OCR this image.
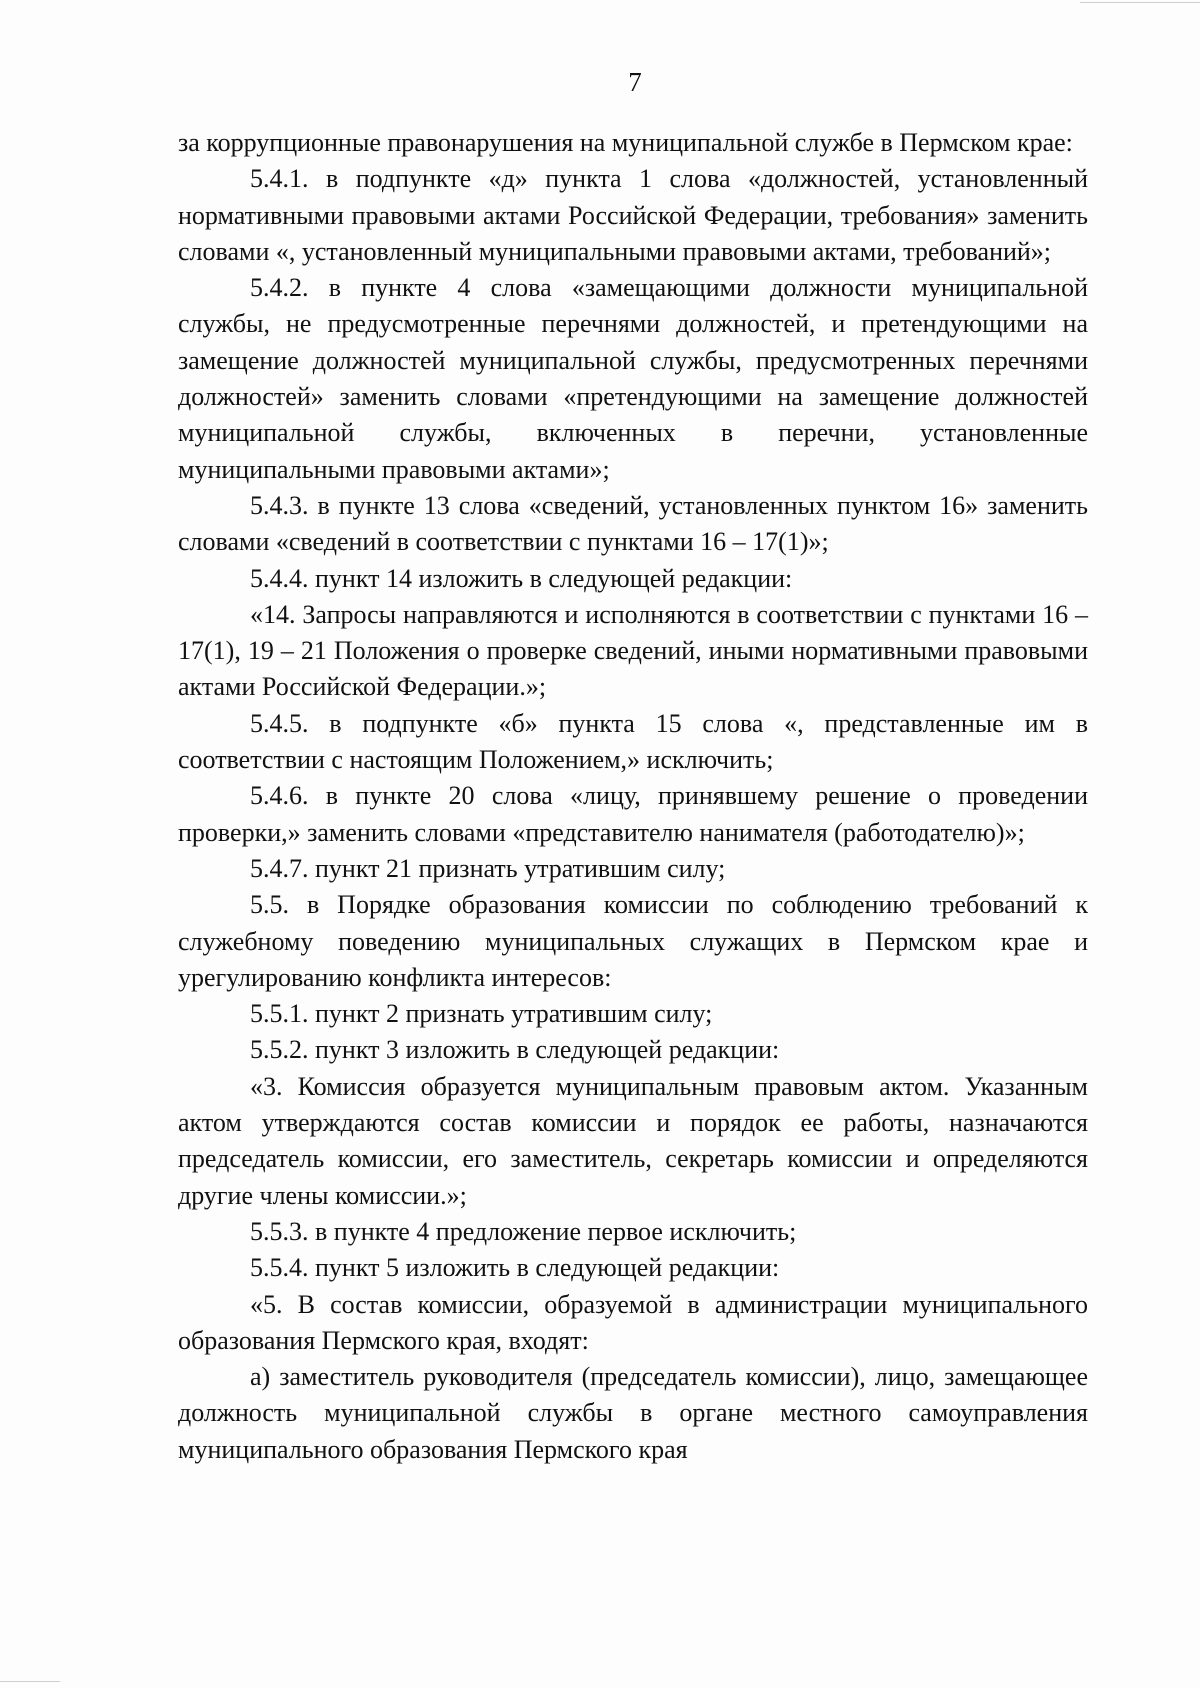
7

за коррупционные правонарушения на муниципальной службе в Пермском крае:

5.4.1. в подпункте «д» пункта 1 слова «должностей, установленный нормативными правовыми актами Российской Федерации, требования» заменить словами «, установленный муниципальными правовыми актами, требований»;

5.4.2. в пункте 4 слова «замещающими должности муниципальной службы, не предусмотренные перечнями должностей, и претендующими на замещение должностей муниципальной службы, предусмотренных перечнями должностей» заменить словами «претендующими на замещение должностей муниципальной службы, включенных в перечни, установленные муниципальными правовыми актами»;

5.4.3. в пункте 13 слова «сведений, установленных пунктом 16» заменить словами «сведений в соответствии с пунктами 16 – 17(1)»;

5.4.4. пункт 14 изложить в следующей редакции:

«14. Запросы направляются и исполняются в соответствии с пунктами 16 – 17(1), 19 – 21 Положения о проверке сведений, иными нормативными правовыми актами Российской Федерации.»;

5.4.5. в подпункте «б» пункта 15 слова «, представленные им в соответствии с настоящим Положением,» исключить;

5.4.6. в пункте 20 слова «лицу, принявшему решение о проведении проверки,» заменить словами «представителю нанимателя (работодателю)»;

5.4.7. пункт 21 признать утратившим силу;

5.5. в Порядке образования комиссии по соблюдению требований к служебному поведению муниципальных служащих в Пермском крае и урегулированию конфликта интересов:

5.5.1. пункт 2 признать утратившим силу;

5.5.2. пункт 3 изложить в следующей редакции:

«3. Комиссия образуется муниципальным правовым актом. Указанным актом утверждаются состав комиссии и порядок ее работы, назначаются председатель комиссии, его заместитель, секретарь комиссии и определяются другие члены комиссии.»;

5.5.3. в пункте 4 предложение первое исключить;

5.5.4. пункт 5 изложить в следующей редакции:

«5. В состав комиссии, образуемой в администрации муниципального образования Пермского края, входят:

а) заместитель руководителя (председатель комиссии), лицо, замещающее должность муниципальной службы в органе местного самоуправления муниципального образования Пермского края
